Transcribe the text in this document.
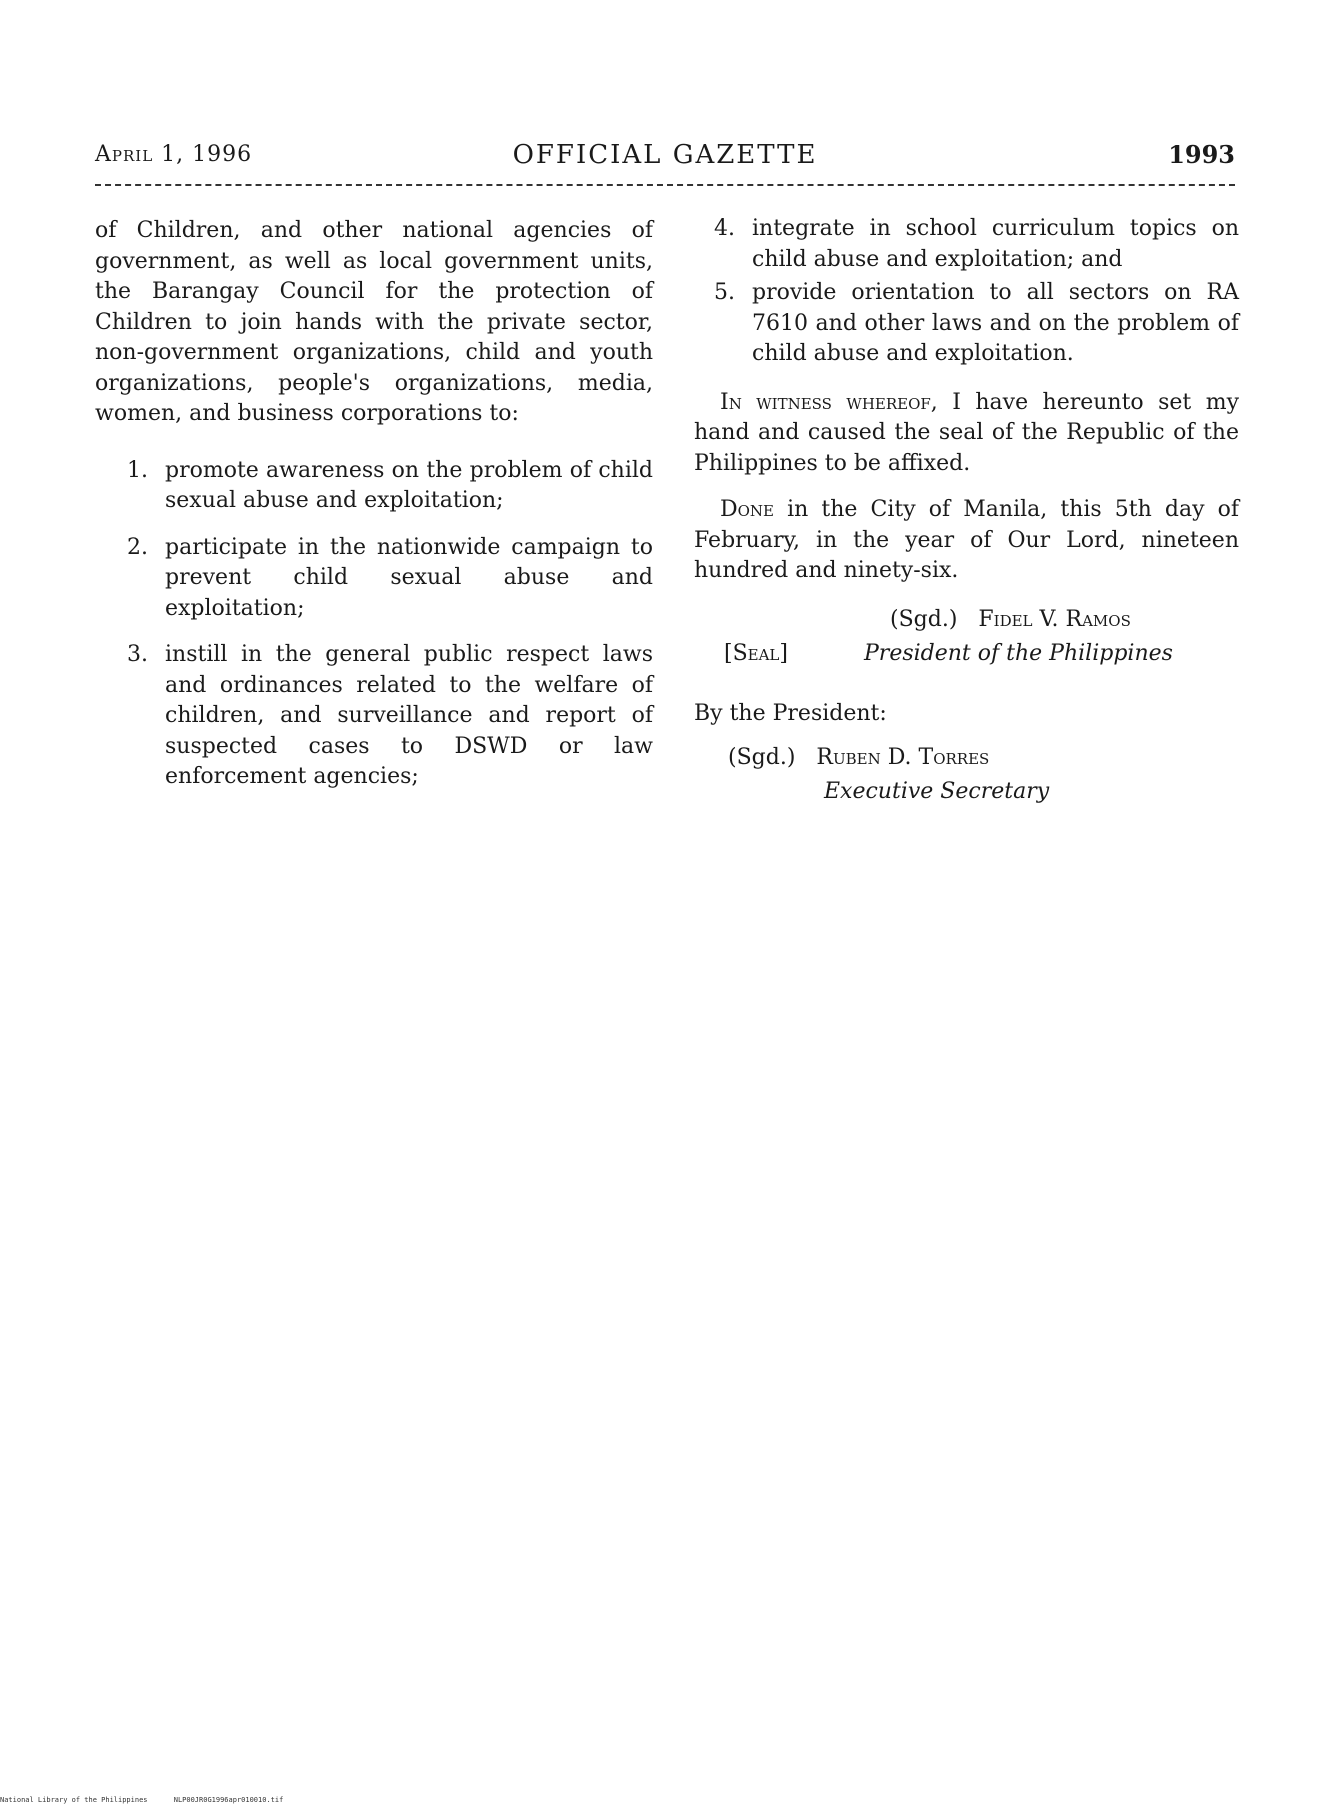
April 1, 1996	OFFICIAL GAZETTE	1993

of Children, and other national agencies of government, as well as local government units, the Barangay Council for the protection of Children to join hands with the private sector, non-government organizations, child and youth organizations, people's organizations, media, women, and business corporations to:

1. promote awareness on the problem of child sexual abuse and exploitation;
2. participate in the nationwide campaign to prevent child sexual abuse and exploitation;
3. instill in the general public respect laws and ordinances related to the welfare of children, and surveillance and report of suspected cases to DSWD or law enforcement agencies;
4. integrate in school curriculum topics on child abuse and exploitation; and
5. provide orientation to all sectors on RA 7610 and other laws and on the problem of child abuse and exploitation.

In witness whereof, I have hereunto set my hand and caused the seal of the Republic of the Philippines to be affixed.

Done in the City of Manila, this 5th day of February, in the year of Our Lord, nineteen hundred and ninety-six.

(Sgd.) Fidel V. Ramos
[Seal]	President of the Philippines

By the President:

(Sgd.) Ruben D. Torres
Executive Secretary
National Library of the Philippines	NLP00JR0G1996apr010010.tif
